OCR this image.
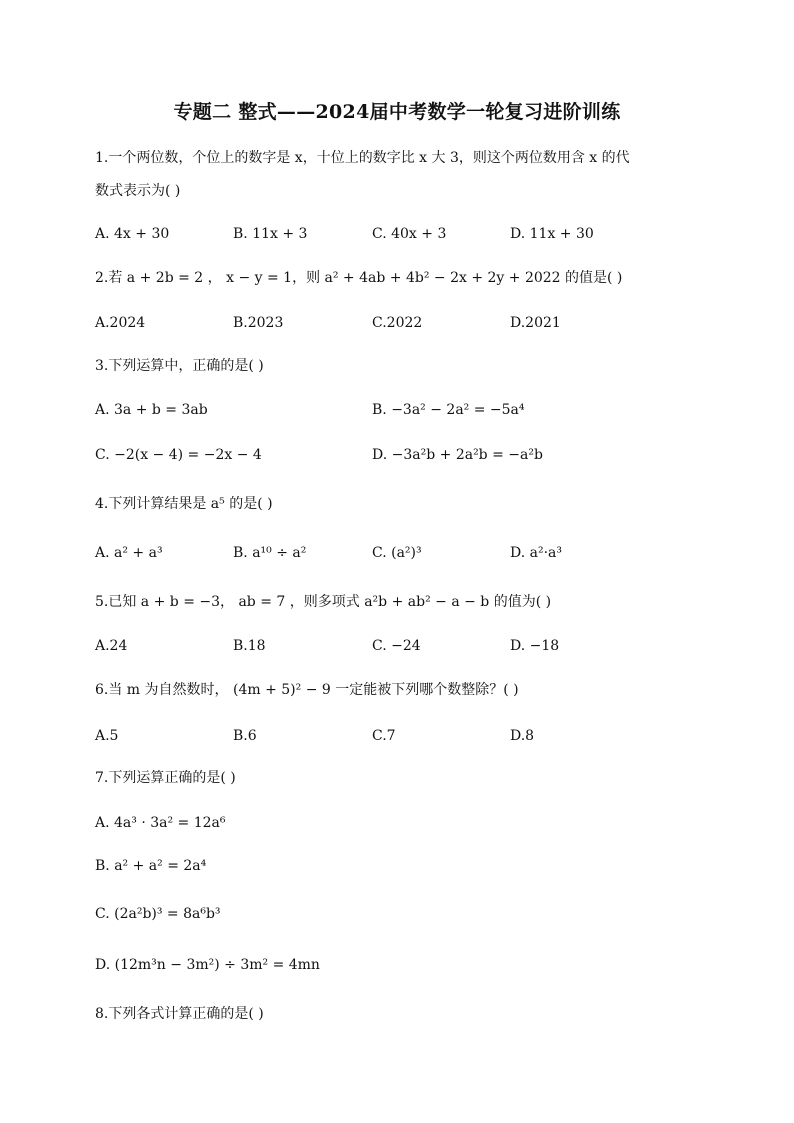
专题二 整式——2024届中考数学一轮复习进阶训练
1.一个两位数，个位上的数字是 x，十位上的数字比 x 大 3，则这个两位数用含 x 的代
数式表示为( )
A. 4x + 30	B. 11x + 3	C. 40x + 3	D. 11x + 30
2.若 a + 2b = 2 ， x − y = 1，则 a² + 4ab + 4b² − 2x + 2y + 2022 的值是( )
A.2024	B.2023	C.2022	D.2021
3.下列运算中，正确的是( )
A. 3a + b = 3ab	B. −3a² − 2a² = −5a⁴
C. −2(x − 4) = −2x − 4	D. −3a²b + 2a²b = −a²b
4.下列计算结果是 a⁵ 的是( )
A. a² + a³	B. a¹⁰ ÷ a²	C. (a²)³	D. a²·a³
5.已知 a + b = −3， ab = 7 ，则多项式 a²b + ab² − a − b 的值为( )
A.24	B.18	C. −24	D. −18
6.当 m 为自然数时， (4m + 5)² − 9 一定能被下列哪个数整除？( )
A.5	B.6	C.7	D.8
7.下列运算正确的是( )
A. 4a³ · 3a² = 12a⁶
B. a² + a² = 2a⁴
C. (2a²b)³ = 8a⁶b³
D. (12m³n − 3m²) ÷ 3m² = 4mn
8.下列各式计算正确的是( )
